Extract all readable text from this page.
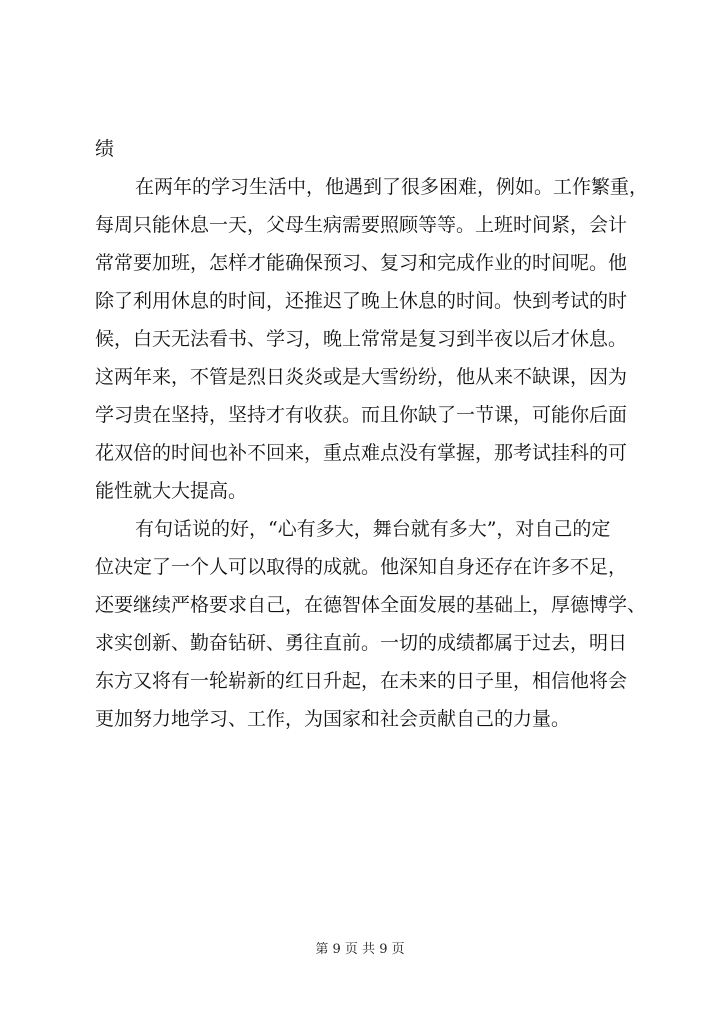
绩
在两年的学习生活中，他遇到了很多困难，例如。工作繁重，
每周只能休息一天，父母生病需要照顾等等。上班时间紧，会计
常常要加班，怎样才能确保预习、复习和完成作业的时间呢。他
除了利用休息的时间，还推迟了晚上休息的时间。快到考试的时
候，白天无法看书、学习，晚上常常是复习到半夜以后才休息。
这两年来，不管是烈日炎炎或是大雪纷纷，他从来不缺课，因为
学习贵在坚持，坚持才有收获。而且你缺了一节课，可能你后面
花双倍的时间也补不回来，重点难点没有掌握，那考试挂科的可
能性就大大提高。
有句话说的好，“心有多大，舞台就有多大”，对自己的定
位决定了一个人可以取得的成就。他深知自身还存在许多不足，
还要继续严格要求自己，在德智体全面发展的基础上，厚德博学、
求实创新、勤奋钻研、勇往直前。一切的成绩都属于过去，明日
东方又将有一轮崭新的红日升起，在未来的日子里，相信他将会
更加努力地学习、工作，为国家和社会贡献自己的力量。
第 9 页 共 9 页
